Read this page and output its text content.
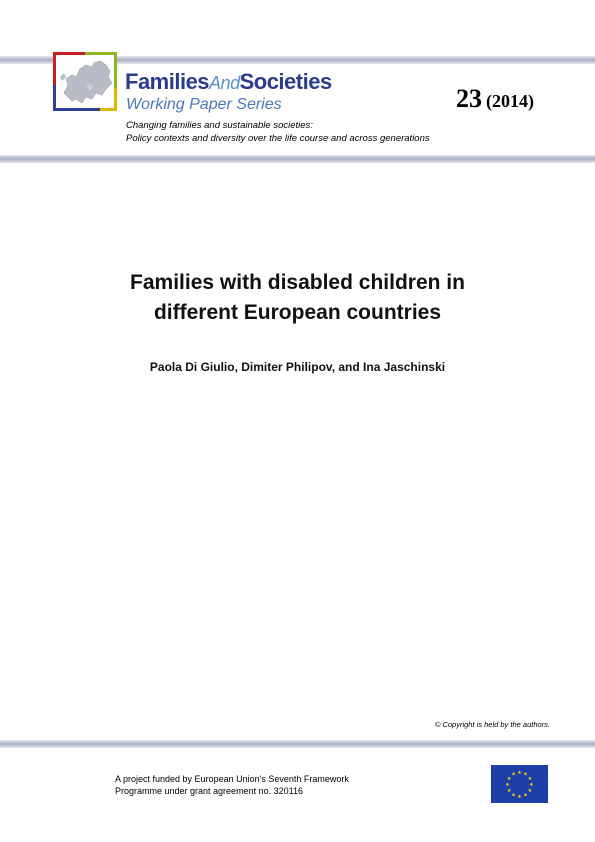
FamiliesAndSocieties

Working Paper Series	23 (2014)

Changing families and sustainable societies:
Policy contexts and diversity over the life course and across generations

Families with disabled children in
different European countries

Paola Di Giulio, Dimiter Philipov, and Ina Jaschinski

© Copyright is held by the authors.

A project funded by European Union's Seventh Framework
Programme under grant agreement no. 320116

★ ★
★
★
★
★
★
★
★
★
★
★
